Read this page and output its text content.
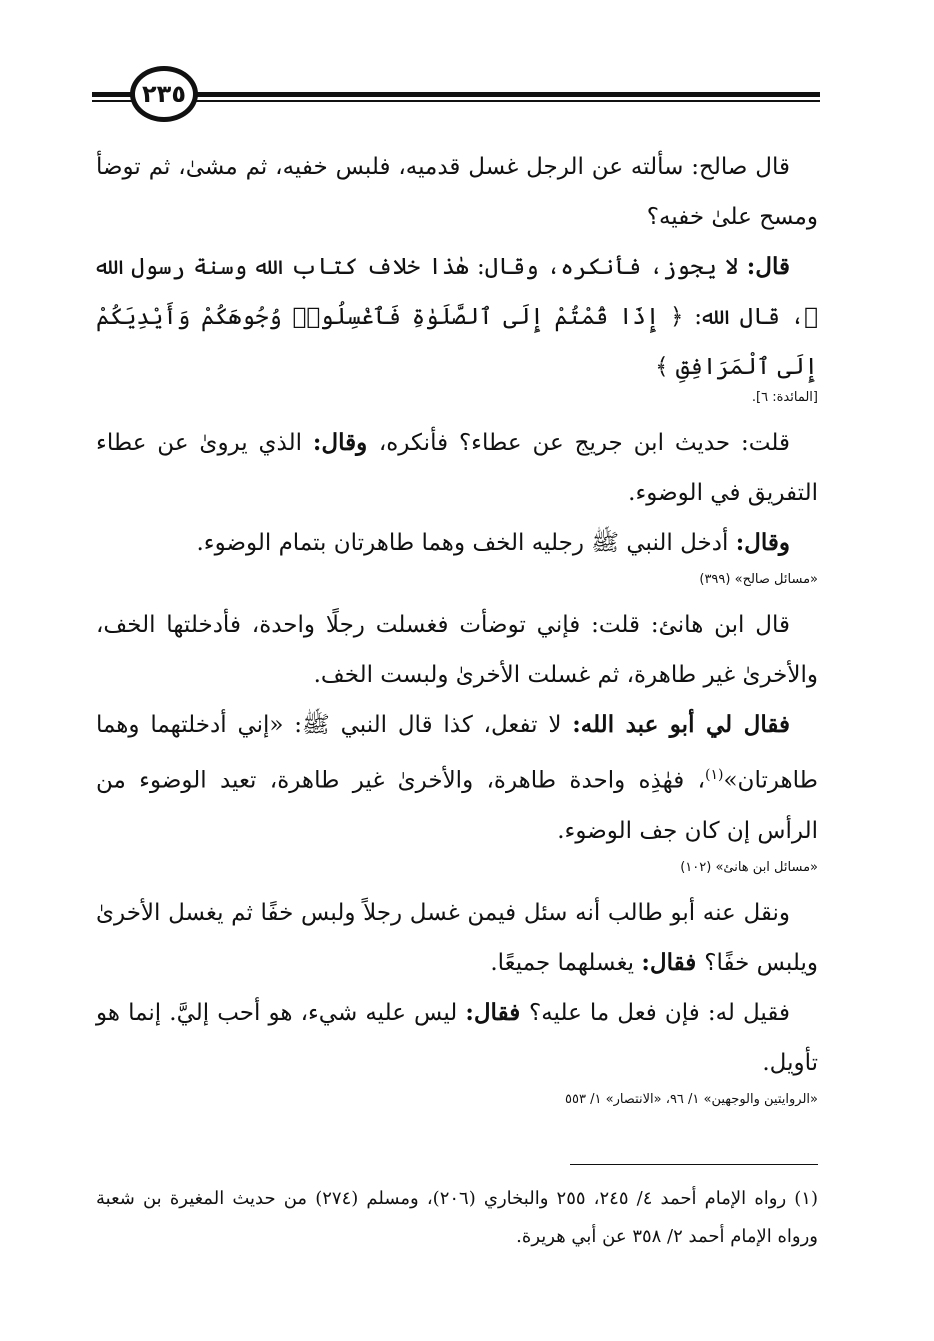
٢٣٥

قال صالح: سألته عن الرجل غسل قدميه، فلبس خفيه، ثم مشىٰ، ثم توضأ ومسح علىٰ خفيه؟

قال: لا يجوز، فأنكره، وقال: هٰذا خلاف كتاب الله وسنة رسول الله ﷺ، قال الله: ﴿ إِذَا قُمْتُمْ إِلَى ٱلصَّلَوٰةِ فَٱغْسِلُوا۟ وُجُوهَكُمْ وَأَيْدِيَكُمْ إِلَى ٱلْمَرَافِقِ ﴾

[المائدة: ٦].

قلت: حديث ابن جريج عن عطاء؟ فأنكره، وقال: الذي يروىٰ عن عطاء التفريق في الوضوء.

وقال: أدخل النبي ﷺ رجليه الخف وهما طاهرتان بتمام الوضوء.

«مسائل صالح» (٣٩٩)

قال ابن هانئ: قلت: فإني توضأت فغسلت رجلًا واحدة، فأدخلتها الخف، والأخرىٰ غير طاهرة، ثم غسلت الأخرىٰ ولبست الخف.

فقال لي أبو عبد الله: لا تفعل، كذا قال النبي ﷺ: «إني أدخلتهما وهما طاهرتان»$^{(١)}$، فهٰذِه واحدة طاهرة، والأخرىٰ غير طاهرة، تعيد الوضوء من الرأس إن كان جف الوضوء.

«مسائل ابن هانئ» (١٠٢)

ونقل عنه أبو طالب أنه سئل فيمن غسل رجلاً ولبس خفًا ثم يغسل الأخرىٰ ويلبس خفًا؟ فقال: يغسلهما جميعًا.

فقيل له: فإن فعل ما عليه؟ فقال: ليس عليه شيء، هو أحب إليَّ. إنما هو تأويل.

«الروايتين والوجهين» ١/ ٩٦، «الانتصار» ١/ ٥٥٣

(١) رواه الإمام أحمد ٤/ ٢٤٥، ٢٥٥ والبخاري (٢٠٦)، ومسلم (٢٧٤) من حديث المغيرة بن شعبة ورواه الإمام أحمد ٢/ ٣٥٨ عن أبي هريرة.
